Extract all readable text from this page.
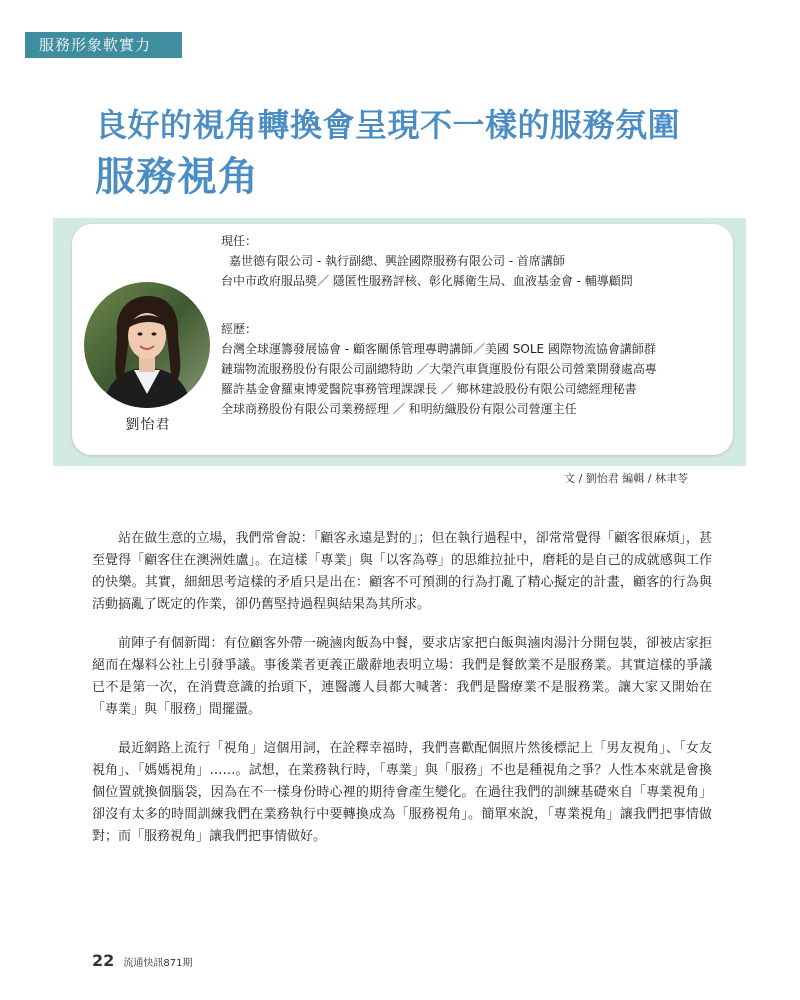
服務形象軟實力
良好的視角轉換會呈現不一樣的服務氛圍
服務視角
劉怡君
現任：
嘉世德有限公司 - 執行副總、興詮國際服務有限公司 - 首席講師
台中市政府服品獎／ 隱匿性服務評核、彰化縣衛生局、血液基金會 - 輔導顧問
經歷：
台灣全球運籌發展協會 - 顧客關係管理專聘講師／美國 SOLE 國際物流協會講師群
鏈瑞物流服務股份有限公司副總特助 ／大榮汽車貨運股份有限公司營業開發處高專
羅許基金會羅東博愛醫院事務管理課課長 ／ 鄉林建設股份有限公司總經理秘書
全球商務股份有限公司業務經理 ／ 和明紡織股份有限公司營運主任
文 / 劉怡君 編輯 / 林聿苓

站在做生意的立場，我們常會說：「顧客永遠是對的」；但在執行過程中，卻常常覺得「顧客很麻煩」，甚至覺得「顧客住在澳洲姓盧」。在這樣「專業」與「以客為尊」的思維拉扯中，磨耗的是自己的成就感與工作的快樂。其實，細細思考這樣的矛盾只是出在：顧客不可預測的行為打亂了精心擬定的計畫，顧客的行為與活動搞亂了既定的作業，卻仍舊堅持過程與結果為其所求。

前陣子有個新聞：有位顧客外帶一碗滷肉飯為中餐，要求店家把白飯與滷肉湯汁分開包裝，卻被店家拒絕而在爆料公社上引發爭議。事後業者更義正嚴辭地表明立場：我們是餐飲業不是服務業。其實這樣的爭議已不是第一次，在消費意識的抬頭下，連醫護人員都大喊著：我們是醫療業不是服務業。讓大家又開始在「專業」與「服務」間擺盪。

最近網路上流行「視角」這個用詞，在詮釋幸福時，我們喜歡配個照片然後標記上「男友視角」、「女友視角」、「媽媽視角」……。試想，在業務執行時，「專業」與「服務」不也是種視角之爭？人性本來就是會換個位置就換個腦袋，因為在不一樣身份時心裡的期待會產生變化。在過往我們的訓練基礎來自「專業視角」卻沒有太多的時間訓練我們在業務執行中要轉換成為「服務視角」。簡單來說，「專業視角」讓我們把事情做對；而「服務視角」讓我們把事情做好。

22 流通快訊871期
